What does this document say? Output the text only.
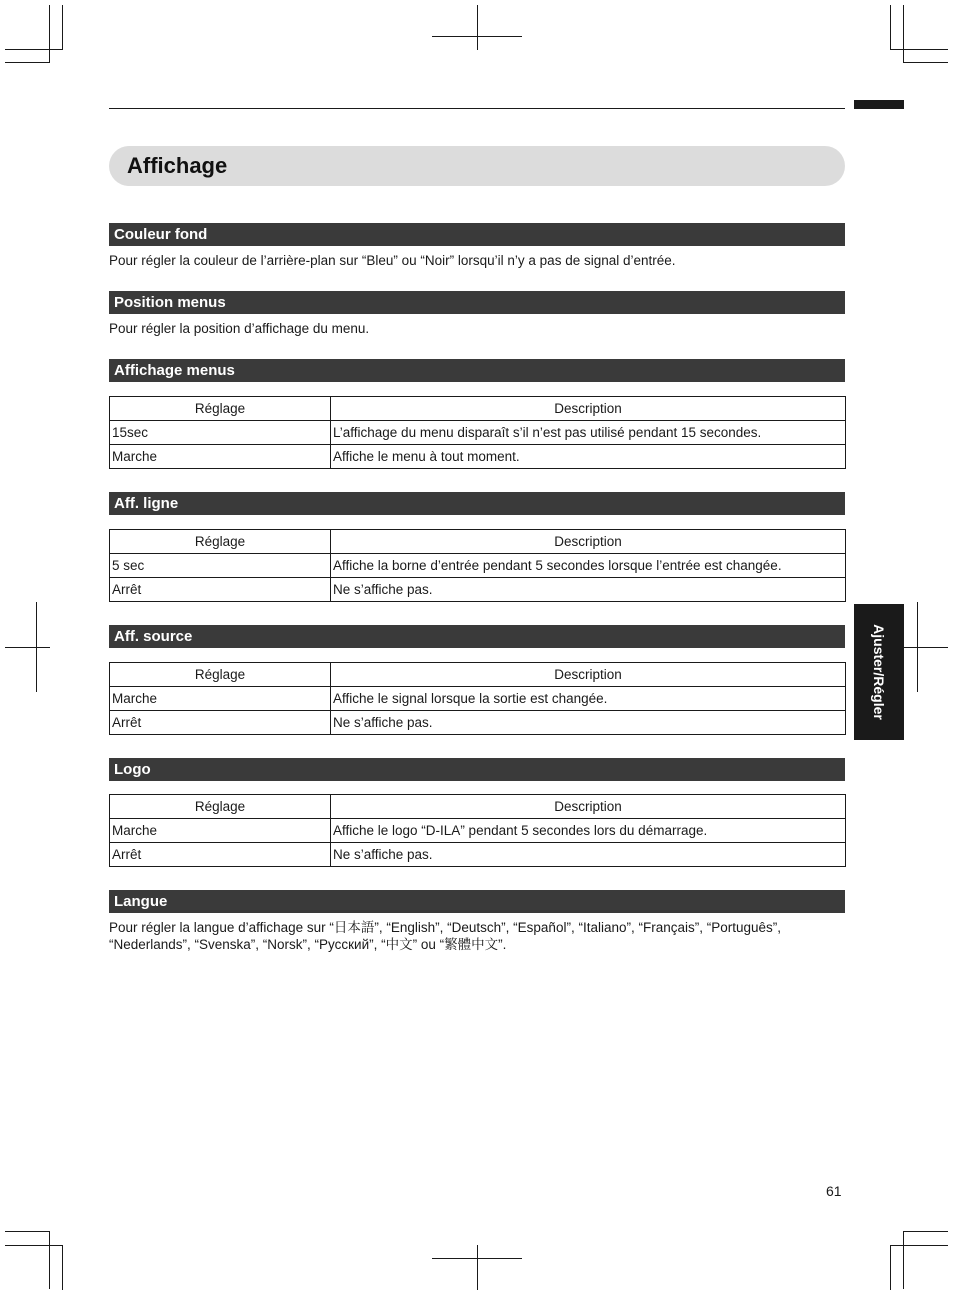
Affichage
Couleur fond

Pour régler la couleur de l’arrière-plan sur “Bleu” ou “Noir” lorsqu’il n’y a pas de signal d’entrée.

Position menus

Pour régler la position d’affichage du menu.

Affichage menus
Réglage	Description
15sec	L’affichage du menu disparaît s’il n’est pas utilisé pendant 15 secondes.
Marche	Affiche le menu à tout moment.
Aff. ligne
Réglage	Description
5 sec	Affiche la borne d’entrée pendant 5 secondes lorsque l’entrée est changée.
Arrêt	Ne s’affiche pas.
Aff. source
Réglage	Description
Marche	Affiche le signal lorsque la sortie est changée.
Arrêt	Ne s’affiche pas.
Logo
Réglage	Description
Marche	Affiche le logo “D-ILA” pendant 5 secondes lors du démarrage.
Arrêt	Ne s’affiche pas.
Langue

Pour régler la langue d’affichage sur “日本語”, “English”, “Deutsch”, “Español”, “Italiano”, “Français”, “Português”,

“Nederlands”, “Svenska”, “Norsk”, “Русский”, “中文” ou “繁體中文”.

Ajuster/Régler
61
